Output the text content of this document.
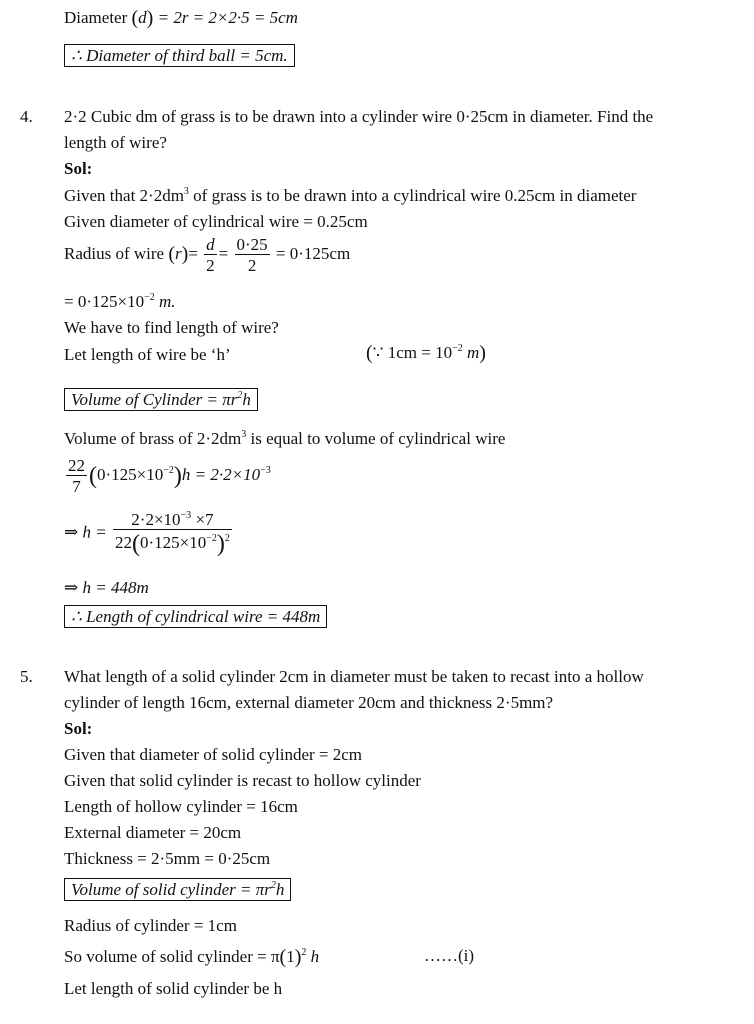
Diameter (d) = 2r = 2×2·5 = 5cm
∴ Diameter of third ball = 5cm.
4. 2·2 Cubic dm of grass is to be drawn into a cylinder wire 0·25cm in diameter. Find the
length of wire?
Sol:
Given that $2\cdot 2dm^3$ of grass is to be drawn into a cylindrical wire 0.25cm in diameter
Given diameter of cylindrical wire = 0.25cm
Radius of wire $(r)= \frac{d}{2} = \frac{0\cdot 25}{2} = 0\cdot 125cm$
= $0\cdot 125\times 10^{-2}$ m.
We have to find length of wire?
Let length of wire be ‘h’	(∵ $1cm = 10^{-2}$ m)
Volume of Cylinder = $\pi r^2h$
Volume of brass of $2\cdot 2dm^3$ is equal to volume of cylindrical wire
$\frac{22}{7} (0\cdot 125\times 10^{-2})h = 2\cdot 2\times 10^{-3}$
⇒ $h = \frac{2\cdot 2\times 10^{-3} \times 7}{22(0\cdot 125\times 10^{-2})^2}$
⇒ h = 448m
∴ Length of cylindrical wire = 448m
5. What length of a solid cylinder 2cm in diameter must be taken to recast into a hollow
cylinder of length 16cm, external diameter 20cm and thickness 2·5mm?
Sol:
Given that diameter of solid cylinder = 2cm
Given that solid cylinder is recast to hollow cylinder
Length of hollow cylinder = 16cm
External diameter = 20cm
Thickness = 2·5mm = 0·25cm
Volume of solid cylinder = $\pi r^2h$
Radius of cylinder = 1cm
So volume of solid cylinder = $\pi(1)^2$ h	……(i)
Let length of solid cylinder be h
